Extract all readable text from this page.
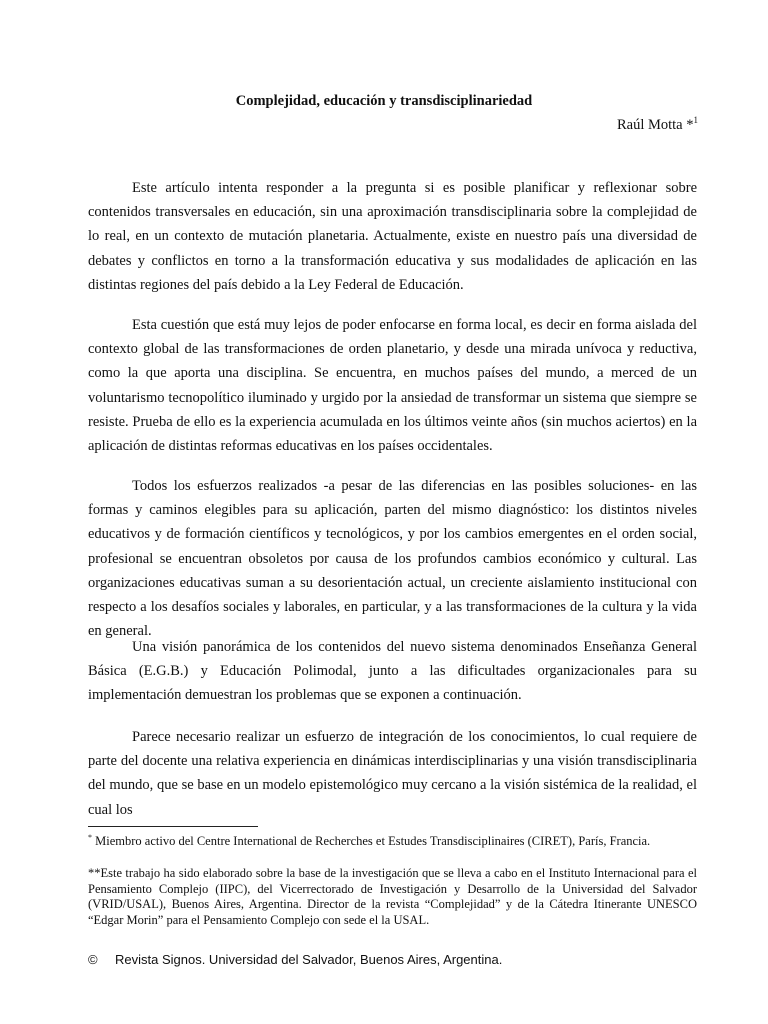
Complejidad, educación y transdisciplinariedad
Raúl Motta *$^1$

Este artículo intenta responder a la pregunta si es posible planificar y reflexionar sobre contenidos transversales en educación, sin una aproximación transdisciplinaria sobre la complejidad de lo real, en un contexto de mutación planetaria. Actualmente, existe en nuestro país una diversidad de debates y conflictos en torno a la transformación educativa y sus modalidades de aplicación en las distintas regiones del país debido a la Ley Federal de Educación.

Esta cuestión que está muy lejos de poder enfocarse en forma local, es decir en forma aislada del contexto global de las transformaciones de orden planetario, y desde una mirada unívoca y reductiva, como la que aporta una disciplina. Se encuentra, en muchos países del mundo, a merced de un voluntarismo tecnopolítico iluminado y urgido por la ansiedad de transformar un sistema que siempre se resiste. Prueba de ello es la experiencia acumulada en los últimos veinte años (sin muchos aciertos) en la aplicación de distintas reformas educativas en los países occidentales.

Todos los esfuerzos realizados -a pesar de las diferencias en las posibles soluciones- en las formas y caminos elegibles para su aplicación, parten del mismo diagnóstico: los distintos niveles educativos y de formación científicos y tecnológicos, y por los cambios emergentes en el orden social, profesional se encuentran obsoletos por causa de los profundos cambios económico y cultural. Las organizaciones educativas suman a su desorientación actual, un creciente aislamiento institucional con respecto a los desafíos sociales y laborales, en particular, y a las transformaciones de la cultura y la vida en general.

Una visión panorámica de los contenidos del nuevo sistema denominados Enseñanza General Básica (E.G.B.) y Educación Polimodal, junto a las dificultades organizacionales para su implementación demuestran los problemas que se exponen a continuación.

Parece necesario realizar un esfuerzo de integración de los conocimientos, lo cual requiere de parte del docente una relativa experiencia en dinámicas interdisciplinarias y una visión transdisciplinaria del mundo, que se base en un modelo epistemológico muy cercano a la visión sistémica de la realidad, el cual los

* Miembro activo del Centre International de Recherches et Estudes Transdisciplinaires (CIRET), París, Francia.
**Este trabajo ha sido elaborado sobre la base de la investigación que se lleva a cabo en el Instituto Internacional para el
Pensamiento Complejo (IIPC), del Vicerrectorado de Investigación y Desarrollo de la Universidad del Salvador
(VRID/USAL), Buenos Aires, Argentina. Director de la revista “Complejidad” y de la Cátedra Itinerante UNESCO
“Edgar Morin” para el Pensamiento Complejo con sede el la USAL.
© Revista Signos. Universidad del Salvador, Buenos Aires, Argentina.
